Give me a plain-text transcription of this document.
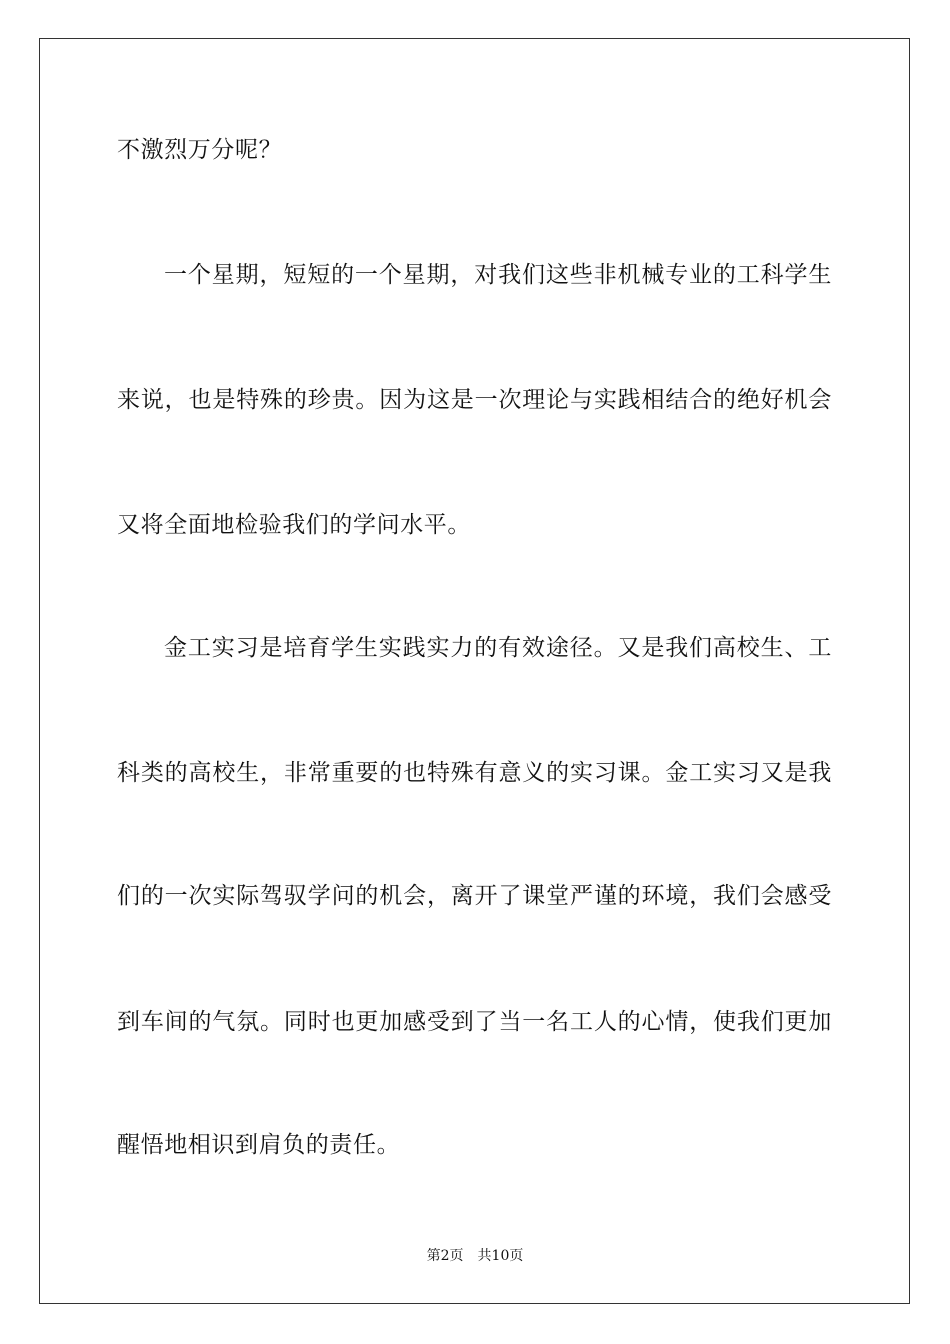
不激烈万分呢？
一个星期，短短的一个星期，对我们这些非机械专业的工科学生
来说，也是特殊的珍贵。因为这是一次理论与实践相结合的绝好机会
又将全面地检验我们的学问水平。
金工实习是培育学生实践实力的有效途径。又是我们高校生、工
科类的高校生，非常重要的也特殊有意义的实习课。金工实习又是我
们的一次实际驾驭学问的机会，离开了课堂严谨的环境，我们会感受
到车间的气氛。同时也更加感受到了当一名工人的心情，使我们更加
醒悟地相识到肩负的责任。
第2页 共10页
